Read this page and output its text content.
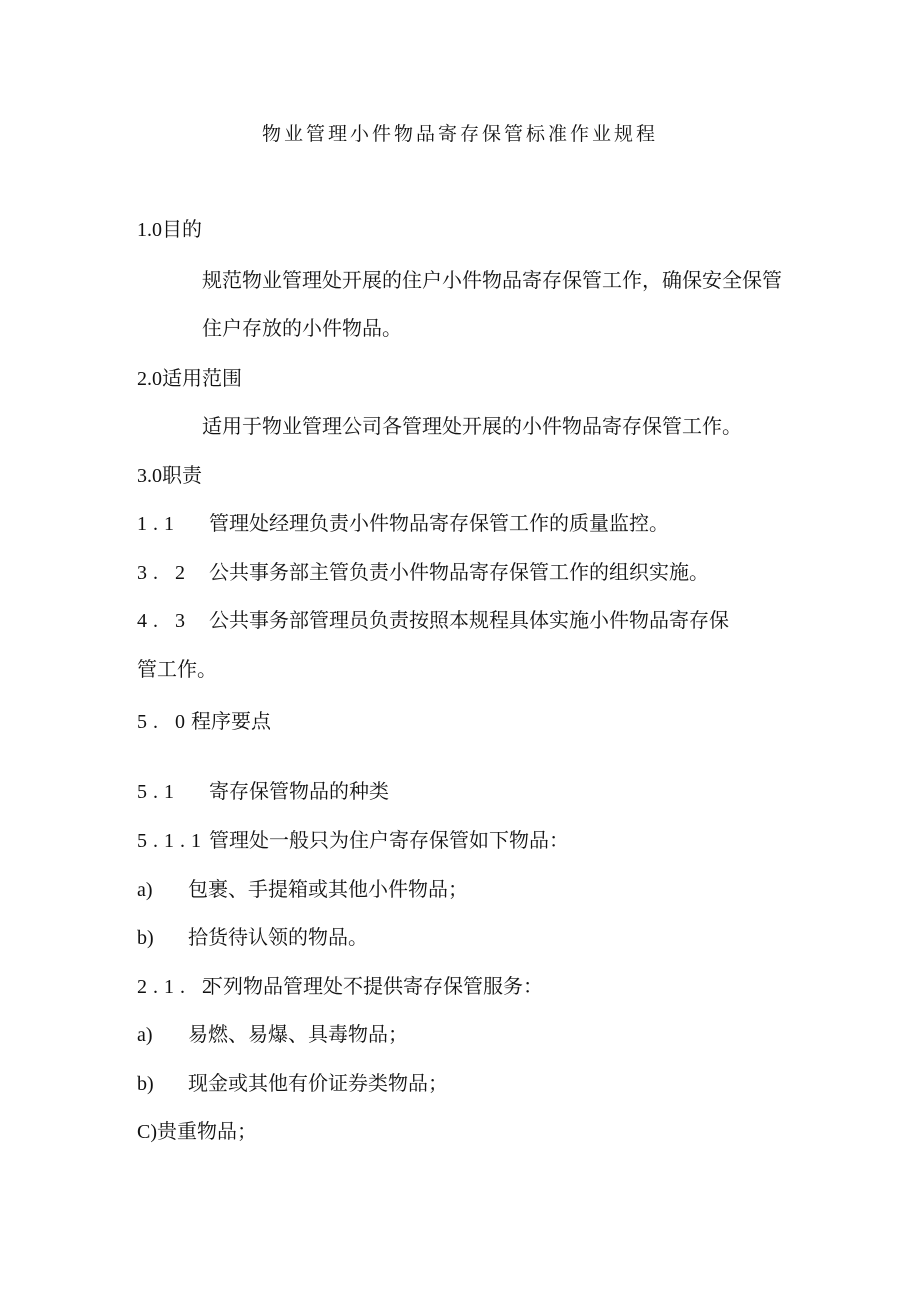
物业管理小件物品寄存保管标准作业规程
1.0目的
规范物业管理处开展的住户小件物品寄存保管工作，确保安全保管
住户存放的小件物品。
2.0适用范围
适用于物业管理公司各管理处开展的小件物品寄存保管工作。
3.0职责
1.1 管理处经理负责小件物品寄存保管工作的质量监控。
3. 2 公共事务部主管负责小件物品寄存保管工作的组织实施。
4. 3 公共事务部管理员负责按照本规程具体实施小件物品寄存保
管工作。
5. 0程序要点
5.1 寄存保管物品的种类
5.1.1 管理处一般只为住户寄存保管如下物品：
a) 包裹、手提箱或其他小件物品；
b) 拾货待认领的物品。
2.1. 2下列物品管理处不提供寄存保管服务：
a) 易燃、易爆、具毒物品；
b) 现金或其他有价证券类物品；
C)贵重物品；
